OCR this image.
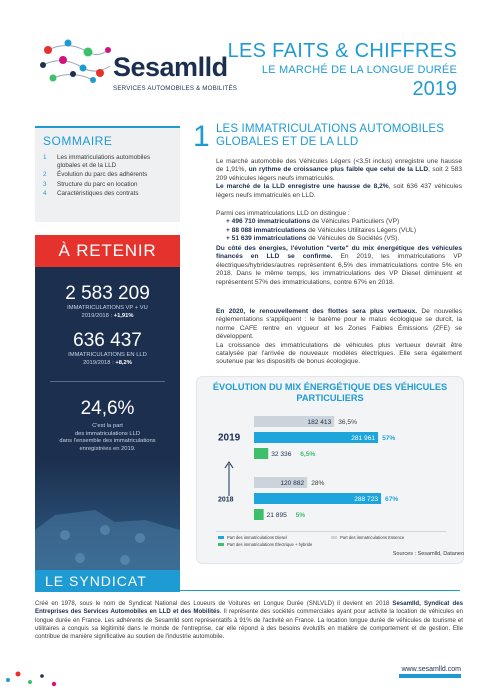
Sesamlld
SERVICES AUTOMOBILES & MOBILITÉS
LES FAITS & CHIFFRES
LE MARCHÉ DE LA LONGUE DURÉE
2019
SOMMAIRE
1	Les immatriculations automobiles globales et de la LLD
2	Évolution du parc des adhérents
3	Structure du parc en location
4	Caractéristiques des contrats
À RETENIR
2 583 209
IMMATRICULATIONS VP + VU
2019/2018 : +1,91%
636 437
IMMATRICULATIONS EN LLD
2019/2018 : +8,2%
24,6%
C'est la part
des immatriculations LLD
dans l'ensemble des immatriculations
enregistrées en 2019.
1 LES IMMATRICULATIONS AUTOMOBILES GLOBALES ET DE LA LLD
Le marché automobile des Véhicules Légers (<3,5t inclus) enregistre une hausse de 1,91%, un rythme de croissance plus faible que celui de la LLD, soit 2 583 209 véhicules légers neufs immatriculés.
Le marché de la LLD enregistre une hausse de 8,2%, soit 636 437 véhicules légers neufs immatriculés en LLD.
Parmi ces immatriculations LLD on distingue :
+ 496 710 immatriculations de Véhicules Particuliers (VP)
+ 88 088 immatriculations de Véhicules Utilitaires Légers (VUL)
+ 51 639 immatriculations de Véhicules de Sociétés (VS).
Du côté des énergies, l'évolution "verte" du mix énergétique des véhicules financés en LLD se confirme. En 2019, les immatriculations VP électriques/hybrides/autres représentent 6,5% des immatriculations contre 5% en 2018. Dans le même temps, les immatriculations des VP Diesel diminuent et représentent 57% des immatriculations, contre 67% en 2018.
En 2020, le renouvellement des flottes sera plus vertueux. De nouvelles réglementations s'appliquent : le barème pour le malus écologique se durcit, la norme CAFE rentre en vigueur et les Zones Faibles Émissions (ZFE) se développent.
La croissance des immatriculations de véhicules plus vertueux devrait être catalysée par l'arrivée de nouveaux modèles électriques. Elle sera également soutenue par les dispositifs de bonus écologique.
2019
182 413 36,5%
281 961 57%
32 336 6,5%
2018
120 882 28%
288 723 67%
21 895 5%
ÉVOLUTION DU MIX ÉNERGÉTIQUE DES VÉHICULES PARTICULIERS
Part des immatriculations Diesel
Part des immatriculations Électrique + hybride
Part des immatriculations Essence
Sources : Sesamlld, Dataneo
LE SYNDICAT
Créé en 1978, sous le nom de Syndicat National des Loueurs de Voitures en Longue Durée (SNLVLD) il devient en 2018 Sesamlld, Syndicat des Entreprises des Services Automobiles en LLD et des Mobilités. Il représente des sociétés commerciales ayant pour activité la location de véhicules en longue durée en France. Les adhérents de Sesamlld sont représentatifs à 91% de l'activité en France. La location longue durée de véhicules de tourisme et utilitaires a conquis sa légitimité dans le monde de l'entreprise, car elle répond à des besoins évolutifs en matière de comportement et de gestion. Elle contribue de manière significative au soutien de l'industrie automobile.
www.sesamlld.com
